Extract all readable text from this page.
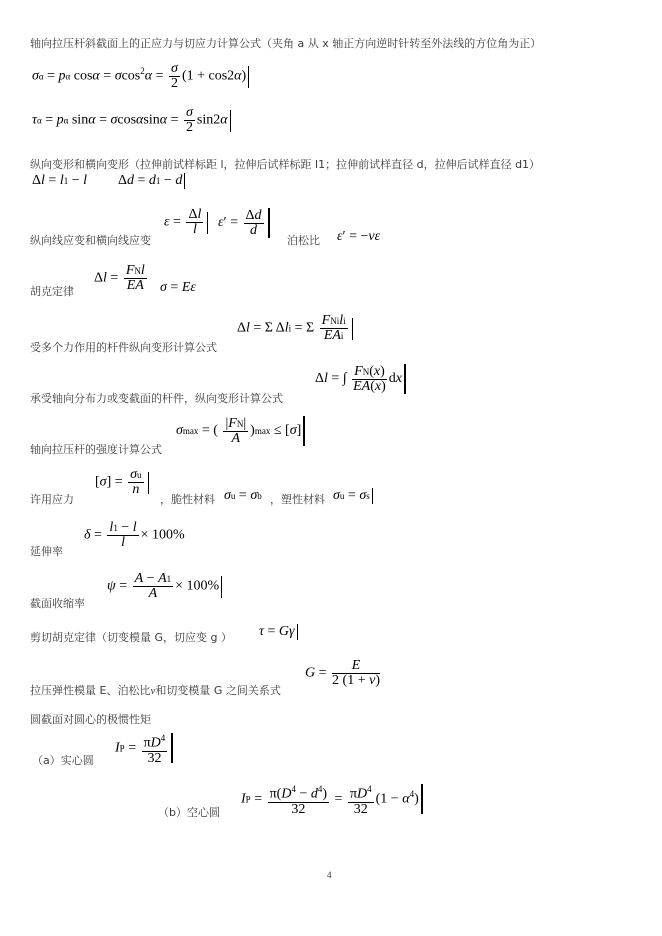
轴向拉压杆斜截面上的正应力与切应力计算公式（夹角 a 从 x 轴正方向逆时针转至外法线的方位角为正）
σα = pα $\cos\alpha = \sigma\cos^2\alpha = \frac{\sigma}{2} (1 + \cos 2\alpha)$
τα = pα $\sin\alpha = \sigma\cos\alpha\sin\alpha = \frac{\sigma}{2} \sin 2\alpha$
纵向变形和横向变形（拉伸前试样标距 l，拉伸后试样标距 l1；拉伸前试样直径 d，拉伸后试样直径 d1）
Δl = l1 − l Δd = d1 − d
纵向线应变和横向线应变
$\varepsilon = \frac{\Delta l}{l} \varepsilon' = \frac{\Delta d}{d}$
泊松比 ε′ = −νε
胡克定律
$\Delta l = \frac{\text{FNl}}{EA}$ σ = Eε
受多个力作用的杆件纵向变形计算公式
Δl = Σ Δli = Σ $\frac{\text{FNili}}{\text{EAi}}$
承受轴向分布力或变截面的杆件，纵向变形计算公式
Δl = ∫ $\frac{FN(x)}{EA(x)}$ dx
轴向拉压杆的强度计算公式
σmax = ( $\frac{|FN|}{A} )\max \le [\sigma]$
许用应力
$[\sigma] = \frac{\sigma u}{n}$
，脆性材料 σu = σb ，塑性材料 σu = σs
延伸率
$\delta = \frac{l1 - l}{l} \times 100\%$
截面收缩率
$\psi = \frac{A - A1}{A} \times 100\%$
剪切胡克定律（切变模量 G，切应变 g ） τ = Gγ
拉压弹性模量 E、泊松比ν和切变模量 G 之间关系式
$G = \frac{E}{2 (1 + \nu)}$
圆截面对圆心的极惯性矩
IP = $\frac{\pi D^4}{32}$
（a）实心圆
IP = $\frac{\pi(D^4 - d^4)}{32} = \frac{\pi D^4}{32} (1 - \alpha^4)$
（b）空心圆
4
